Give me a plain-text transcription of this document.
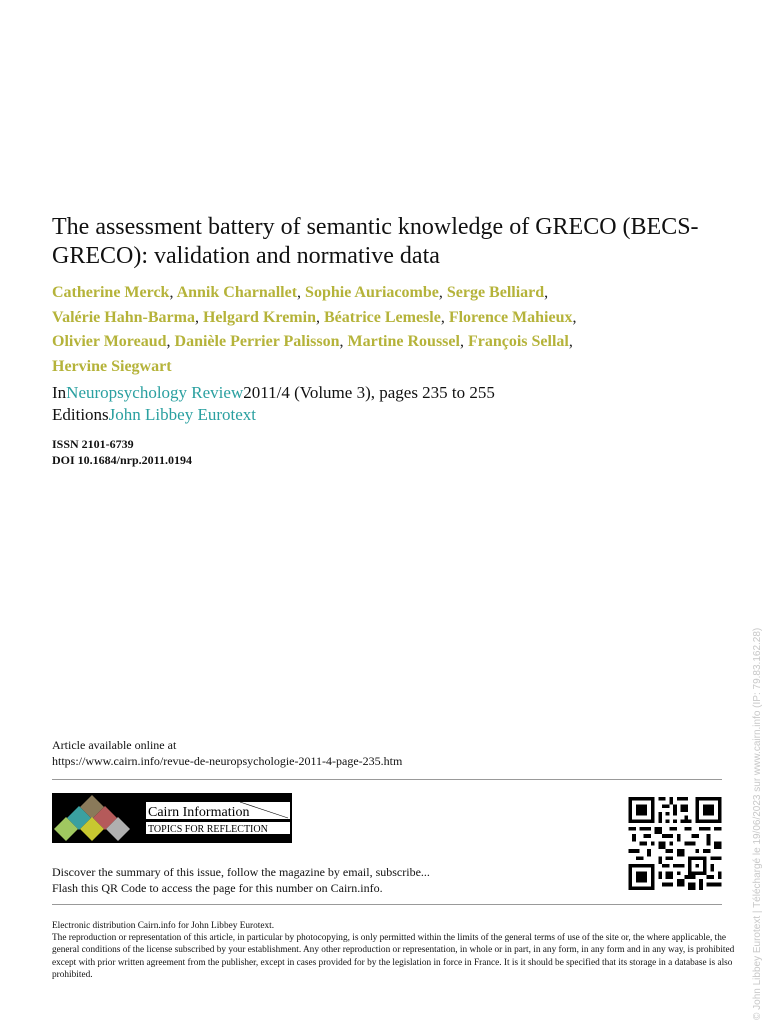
The assessment battery of semantic knowledge of GRECO (BECS-GRECO): validation and normative data
Catherine Merck, Annik Charnallet, Sophie Auriacombe, Serge Belliard,
Valérie Hahn-Barma, Helgard Kremin, Béatrice Lemesle, Florence Mahieux,
Olivier Moreaud, Danièle Perrier Palisson, Martine Roussel, François Sellal,
Hervine Siegwart
InNeuropsychology Review2011/4 (Volume 3), pages 235 to 255
EditionsJohn Libbey Eurotext
ISSN 2101-6739
DOI 10.1684/nrp.2011.0194
Article available online at
https://www.cairn.info/revue-de-neuropsychologie-2011-4-page-235.htm
Cairn Information
TOPICS FOR REFLECTION
Discover the summary of this issue, follow the magazine by email, subscribe...
Flash this QR Code to access the page for this number on Cairn.info.
Electronic distribution Cairn.info for John Libbey Eurotext.
The reproduction or representation of this article, in particular by photocopying, is only permitted within the limits of the general terms of use of the site or, the where applicable, the general conditions of the license subscribed by your establishment. Any other reproduction or representation, in whole or in part, in any form, in any form and in any way, is prohibited except with prior written agreement from the publisher, except in cases provided for by the legislation in force in France. It is it should be specified that its storage in a database is also prohibited.	© John Libbey Eurotext | Téléchargé le 19/06/2023 sur www.cairn.info (IP: 79.83.162.28)
